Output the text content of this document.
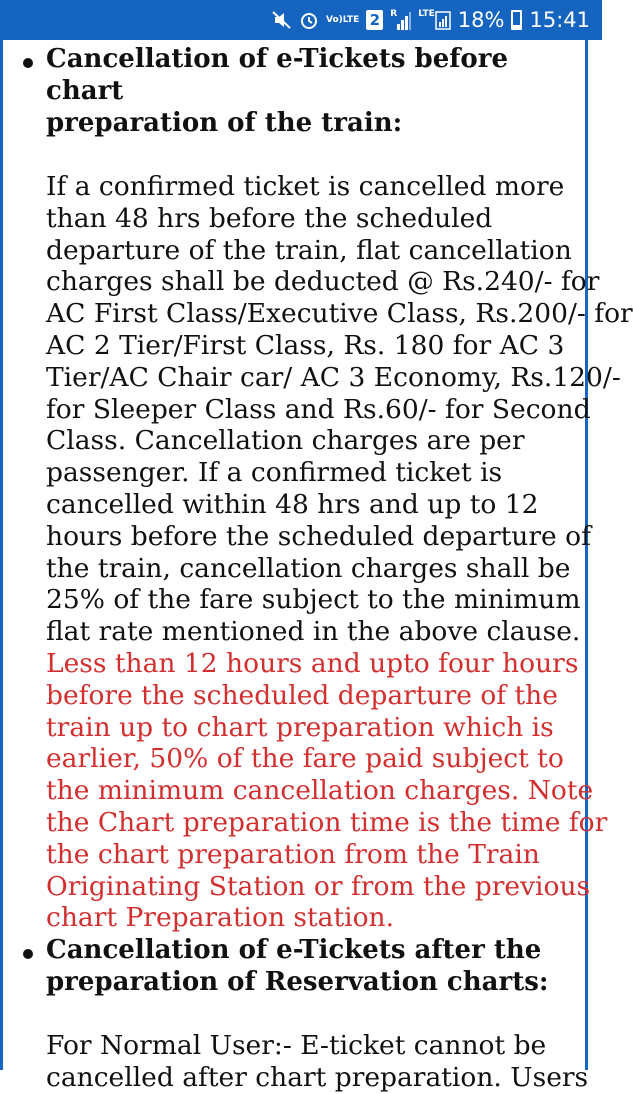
Vo) LTE 2	R LTE 18% 15:41
Cancellation of e-Tickets before chart
preparation of the train:
If a confirmed ticket is cancelled more
than 48 hrs before the scheduled
departure of the train, flat cancellation
charges shall be deducted @ Rs.240/- for
AC First Class/Executive Class, Rs.200/- for
AC 2 Tier/First Class, Rs. 180 for AC 3
Tier/AC Chair car/ AC 3 Economy, Rs.120/-
for Sleeper Class and Rs.60/- for Second
Class. Cancellation charges are per
passenger. If a confirmed ticket is
cancelled within 48 hrs and up to 12
hours before the scheduled departure of
the train, cancellation charges shall be
25% of the fare subject to the minimum
flat rate mentioned in the above clause.
Less than 12 hours and upto four hours
before the scheduled departure of the
train up to chart preparation which is
earlier, 50% of the fare paid subject to
the minimum cancellation charges. Note
the Chart preparation time is the time for
the chart preparation from the Train
Originating Station or from the previous
chart Preparation station.
Cancellation of e-Tickets after the
preparation of Reservation charts:
For Normal User:- E-ticket cannot be
cancelled after chart preparation. Users
